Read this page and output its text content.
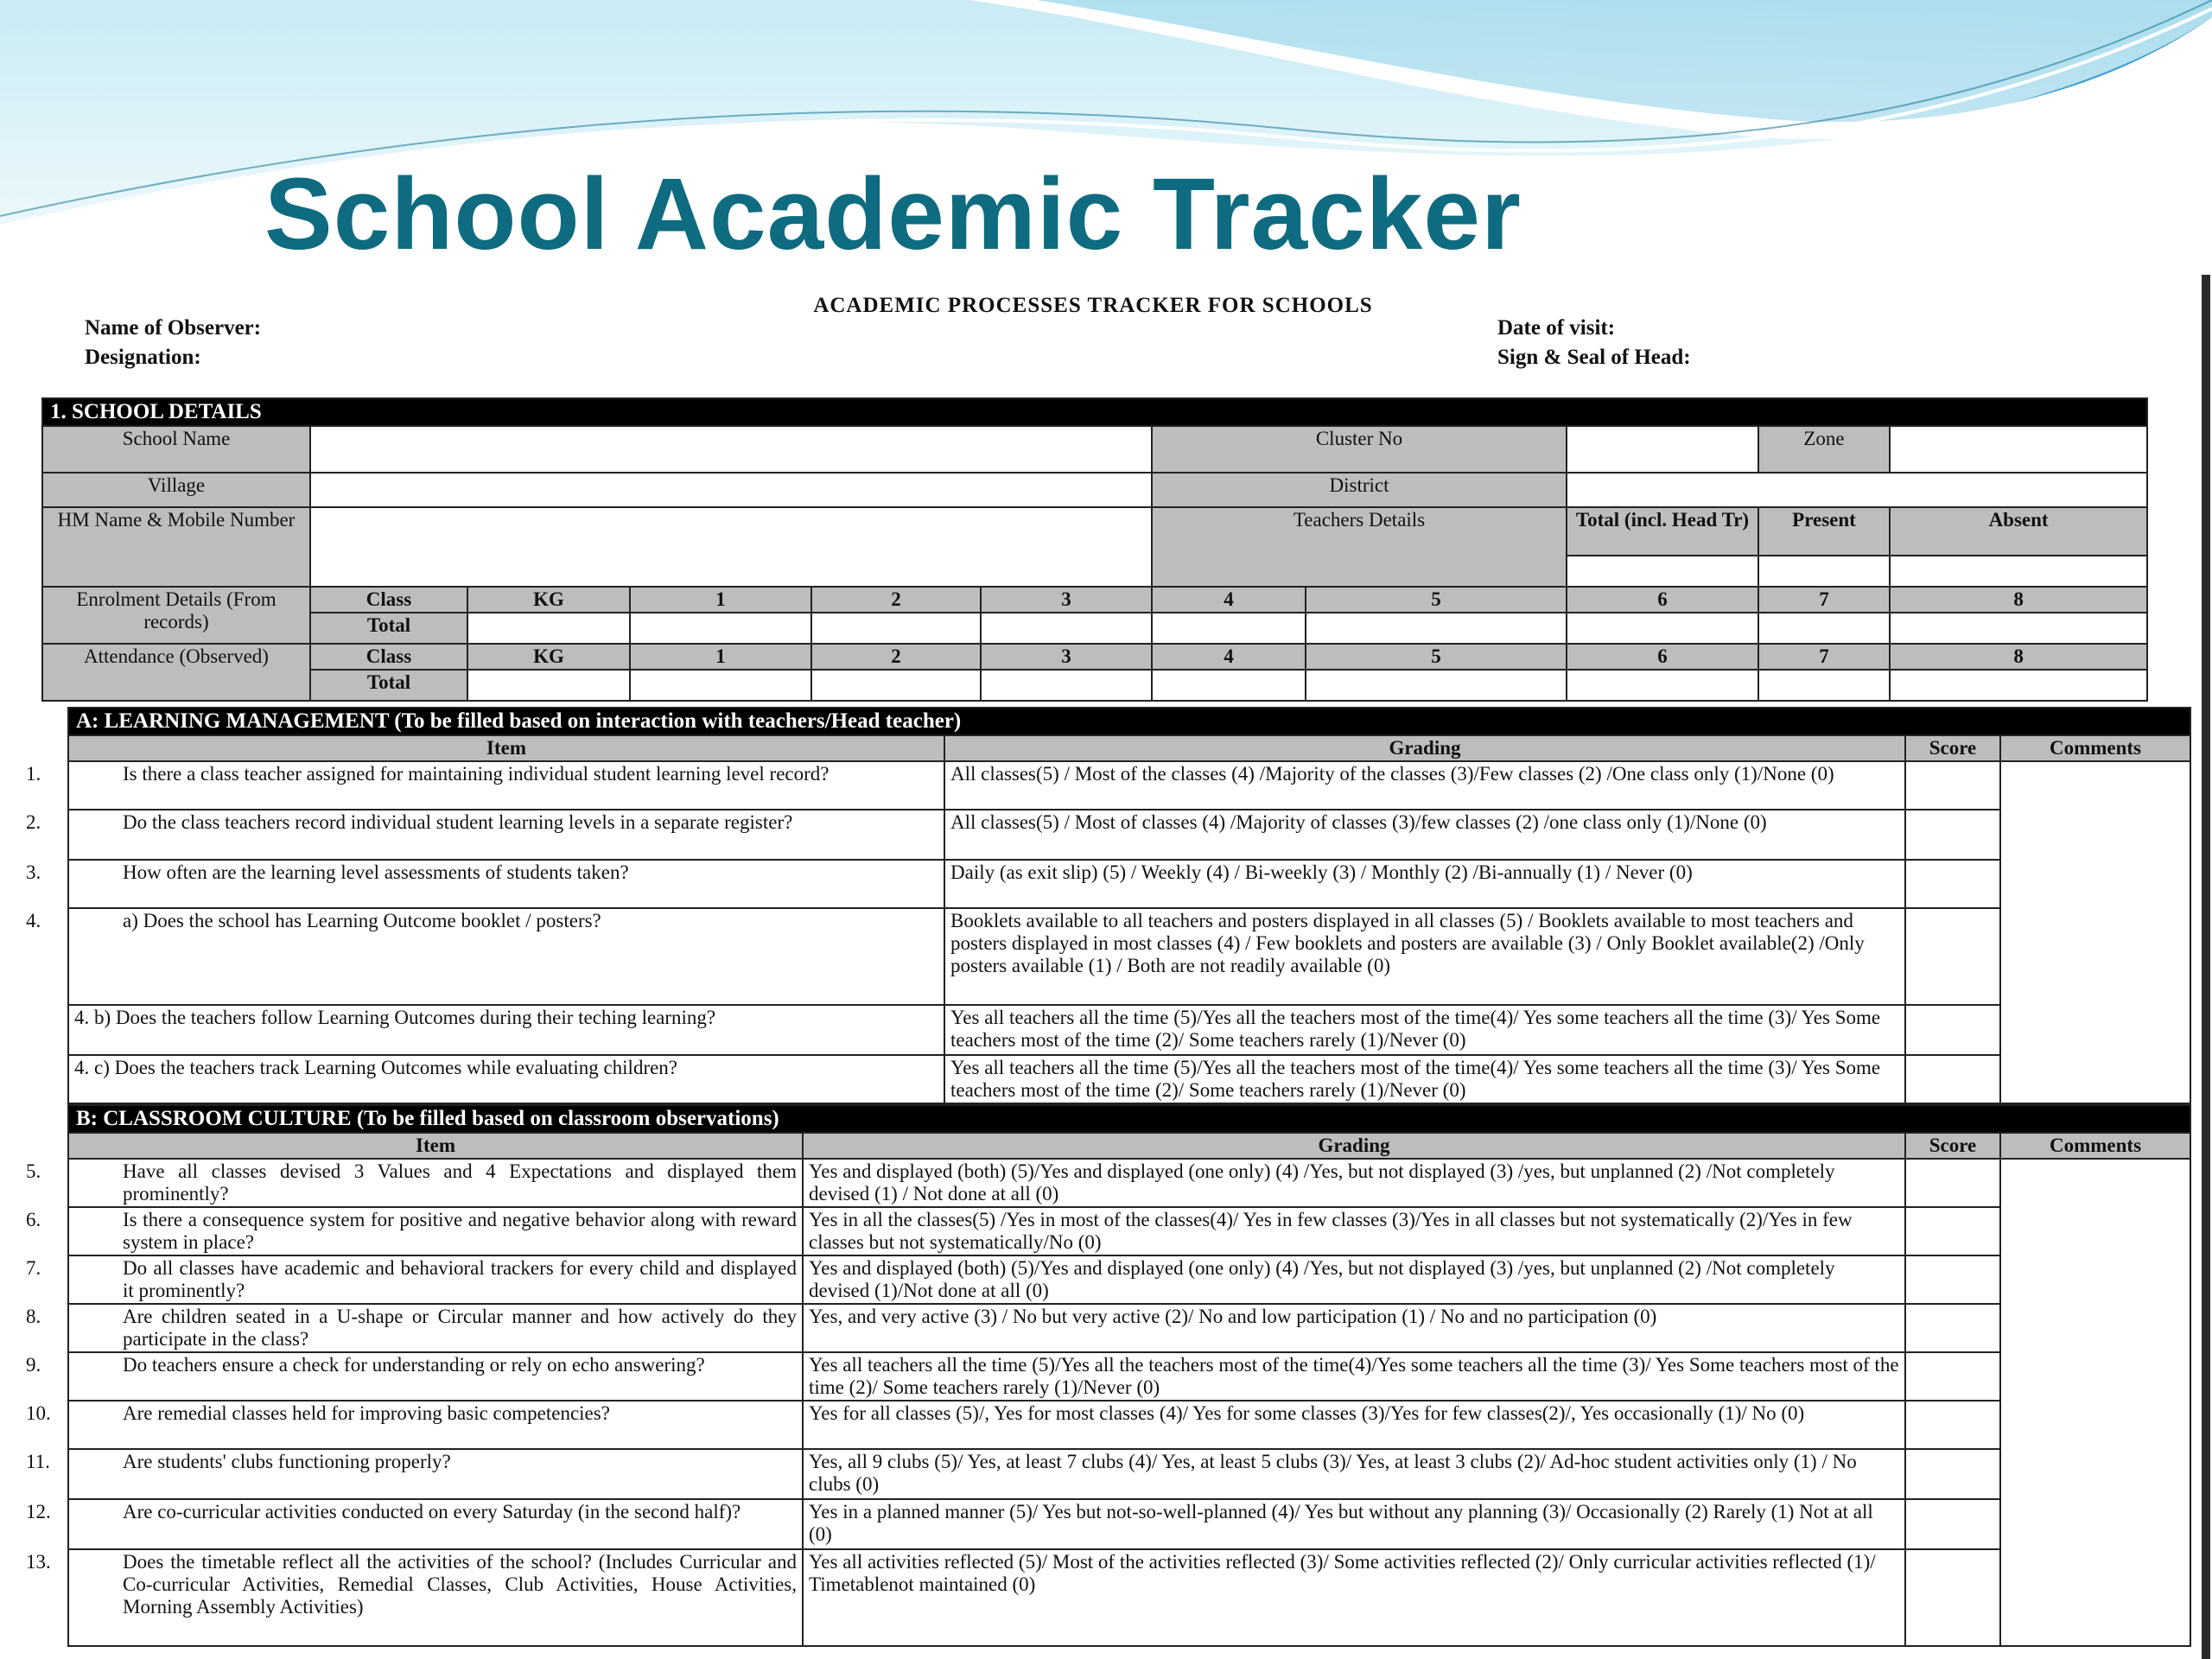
School Academic Tracker
ACADEMIC PROCESSES TRACKER FOR SCHOOLS
Name of Observer:
Designation:
Date of visit:
Sign & Seal of Head:
1. SCHOOL DETAILS											
School Name						Cluster No			Zone		
Village						District					
HM Name & Mobile Number						Teachers Details		Total (incl. Head Tr)	Present	Absent	

Enrolment Details (From records)	Class	KG	1	2	3	4	5	6	7	8	
	Total										
Attendance (Observed)	Class	KG	1	2	3	4	5	6	7	8	
	Total										
A: LEARNING MANAGEMENT (To be filled based on interaction with teachers/Head teacher)			
Item	Grading	Score	Comments

1. Is there a class teacher assigned for maintaining individual student learning level record?	All classes(5) / Most of the classes (4) /Majority of the classes (3)/Few classes (2) /One class only (1)/None (0)		

2. Do the class teachers record individual student learning levels in a separate register?	All classes(5) / Most of classes (4) /Majority of classes (3)/few classes (2) /one class only (1)/None (0)		

3. How often are the learning level assessments of students taken?	Daily (as exit slip) (5) / Weekly (4) / Bi-weekly (3) / Monthly (2) /Bi-annually (1) / Never (0)		

4. a) Does the school has Learning Outcome booklet / posters?	Booklets available to all teachers and posters displayed in all classes (5) / Booklets available to most teachers and posters displayed in most classes (4) / Few booklets and posters are available (3) / Only Booklet available(2) /Only posters available (1) / Both are not readily available (0)		
4. b) Does the teachers follow Learning Outcomes during their teching learning?	Yes all teachers all the time (5)/Yes all the teachers most of the time(4)/ Yes some teachers all the time (3)/ Yes Some teachers most of the time (2)/ Some teachers rarely (1)/Never (0)		
4. c) Does the teachers track Learning Outcomes while evaluating children?	Yes all teachers all the time (5)/Yes all the teachers most of the time(4)/ Yes some teachers all the time (3)/ Yes Some teachers most of the time (2)/ Some teachers rarely (1)/Never (0)		
B: CLASSROOM CULTURE (To be filled based on classroom observations)			
Item	Grading	Score	Comments

5. Have all classes devised 3 Values and 4 Expectations and displayed them prominently?	Yes and displayed (both) (5)/Yes and displayed (one only) (4) /Yes, but not displayed (3) /yes, but unplanned (2) /Not completely devised (1) / Not done at all (0)		

6. Is there a consequence system for positive and negative behavior along with reward system in place?	Yes in all the classes(5) /Yes in most of the classes(4)/ Yes in few classes (3)/Yes in all classes but not systematically (2)/Yes in few classes but not systematically/No (0)		

7. Do all classes have academic and behavioral trackers for every child and displayed it prominently?	Yes and displayed (both) (5)/Yes and displayed (one only) (4) /Yes, but not displayed (3) /yes, but unplanned (2) /Not completely devised (1)/Not done at all (0)		

8. Are children seated in a U-shape or Circular manner and how actively do they participate in the class?	Yes, and very active (3) / No but very active (2)/ No and low participation (1) / No and no participation (0)		

9. Do teachers ensure a check for understanding or rely on echo answering?	Yes all teachers all the time (5)/Yes all the teachers most of the time(4)/Yes some teachers all the time (3)/ Yes Some teachers most of the time (2)/ Some teachers rarely (1)/Never (0)		

10. Are remedial classes held for improving basic competencies?	Yes for all classes (5)/, Yes for most classes (4)/ Yes for some classes (3)/Yes for few classes(2)/, Yes occasionally (1)/ No (0)		

11. Are students' clubs functioning properly?	Yes, all 9 clubs (5)/ Yes, at least 7 clubs (4)/ Yes, at least 5 clubs (3)/ Yes, at least 3 clubs (2)/ Ad-hoc student activities only (1) / No clubs (0)		

12. Are co-curricular activities conducted on every Saturday (in the second half)?	Yes in a planned manner (5)/ Yes but not-so-well-planned (4)/ Yes but without any planning (3)/ Occasionally (2) Rarely (1) Not at all (0)		

13. Does the timetable reflect all the activities of the school? (Includes Curricular and Co-curricular Activities, Remedial Classes, Club Activities, House Activities, Morning Assembly Activities)	Yes all activities reflected (5)/ Most of the activities reflected (3)/ Some activities reflected (2)/ Only curricular activities reflected (1)/ Timetablenot maintained (0)		
